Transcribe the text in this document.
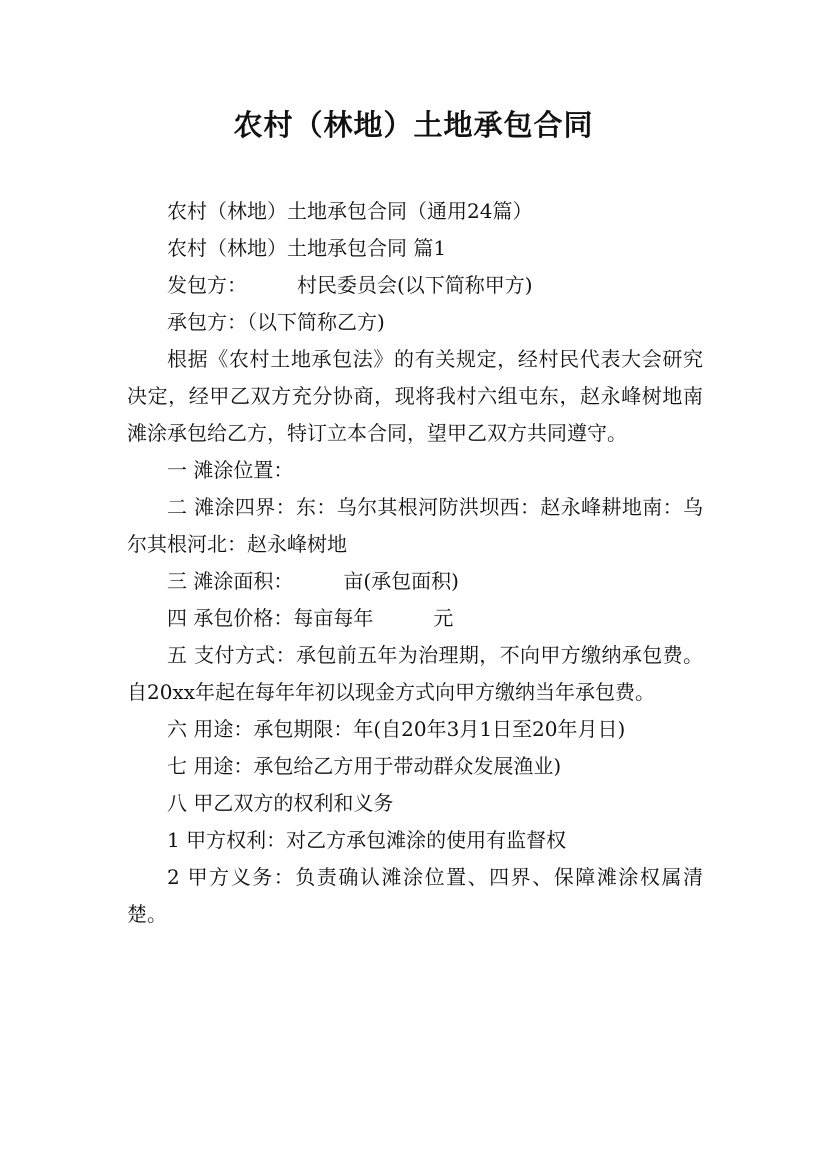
农村（林地）土地承包合同

农村（林地）土地承包合同（通用24篇）

农村（林地）土地承包合同 篇1

发包方：　　　村民委员会(以下简称甲方)

承包方：（以下简称乙方)

根据《农村土地承包法》的有关规定，经村民代表大会研究决定，经甲乙双方充分协商，现将我村六组屯东，赵永峰树地南滩涂承包给乙方，特订立本合同，望甲乙双方共同遵守。

一 滩涂位置：

二 滩涂四界：东：乌尔其根河防洪坝西：赵永峰耕地南：乌尔其根河北：赵永峰树地

三 滩涂面积：　　　亩(承包面积)

四 承包价格：每亩每年　　　元

五 支付方式：承包前五年为治理期，不向甲方缴纳承包费。自20xx年起在每年年初以现金方式向甲方缴纳当年承包费。

六 用途：承包期限：年(自20年3月1日至20年月日)

七 用途：承包给乙方用于带动群众发展渔业)

八 甲乙双方的权利和义务

1 甲方权利：对乙方承包滩涂的使用有监督权

2 甲方义务：负责确认滩涂位置、四界、保障滩涂权属清楚。
